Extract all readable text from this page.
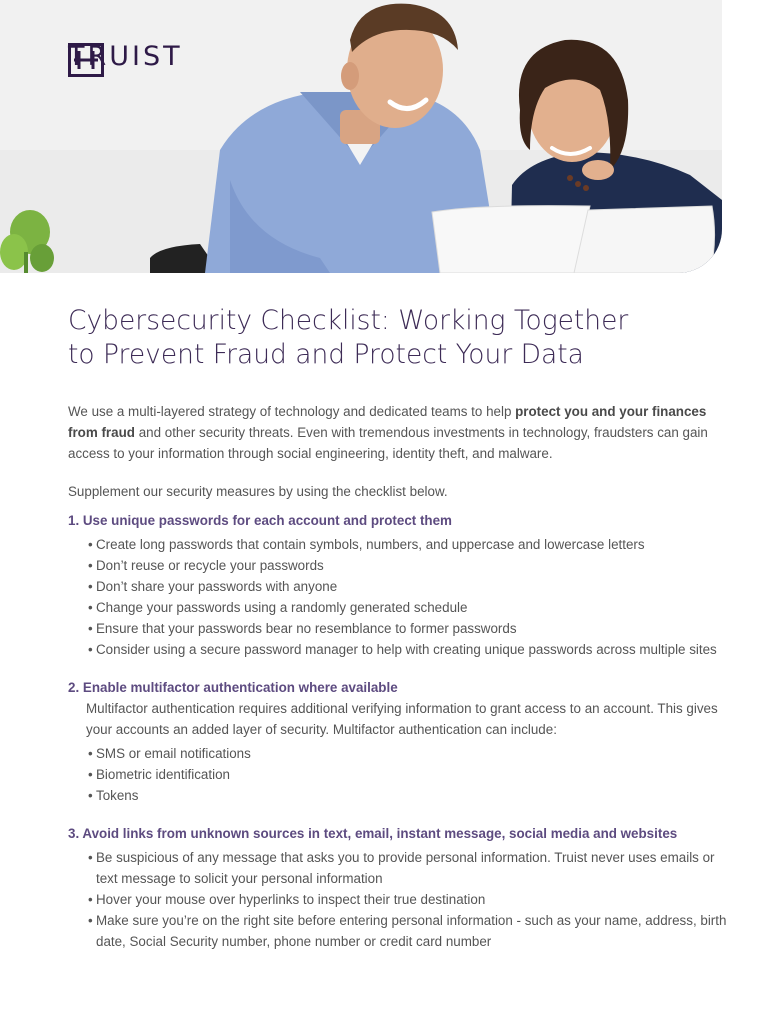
TRUIST
Cybersecurity Checklist: Working Together
to Prevent Fraud and Protect Your Data

We use a multi-layered strategy of technology and dedicated teams to help protect you and your finances from fraud and other security threats. Even with tremendous investments in technology, fraudsters can gain access to your information through social engineering, identity theft, and malware.

Supplement our security measures by using the checklist below.

1. Use unique passwords for each account and protect them
• Create long passwords that contain symbols, numbers, and uppercase and lowercase letters
• Don’t reuse or recycle your passwords
• Don’t share your passwords with anyone
• Change your passwords using a randomly generated schedule
• Ensure that your passwords bear no resemblance to former passwords
• Consider using a secure password manager to help with creating unique passwords across multiple sites
2. Enable multifactor authentication where available

Multifactor authentication requires additional verifying information to grant access to an account. This gives your accounts an added layer of security. Multifactor authentication can include:

• SMS or email notifications
• Biometric identification
• Tokens
3. Avoid links from unknown sources in text, email, instant message, social media and websites
• Be suspicious of any message that asks you to provide personal information. Truist never uses emails or text message to solicit your personal information
• Hover your mouse over hyperlinks to inspect their true destination
• Make sure you’re on the right site before entering personal information - such as your name, address, birth date, Social Security number, phone number or credit card number
